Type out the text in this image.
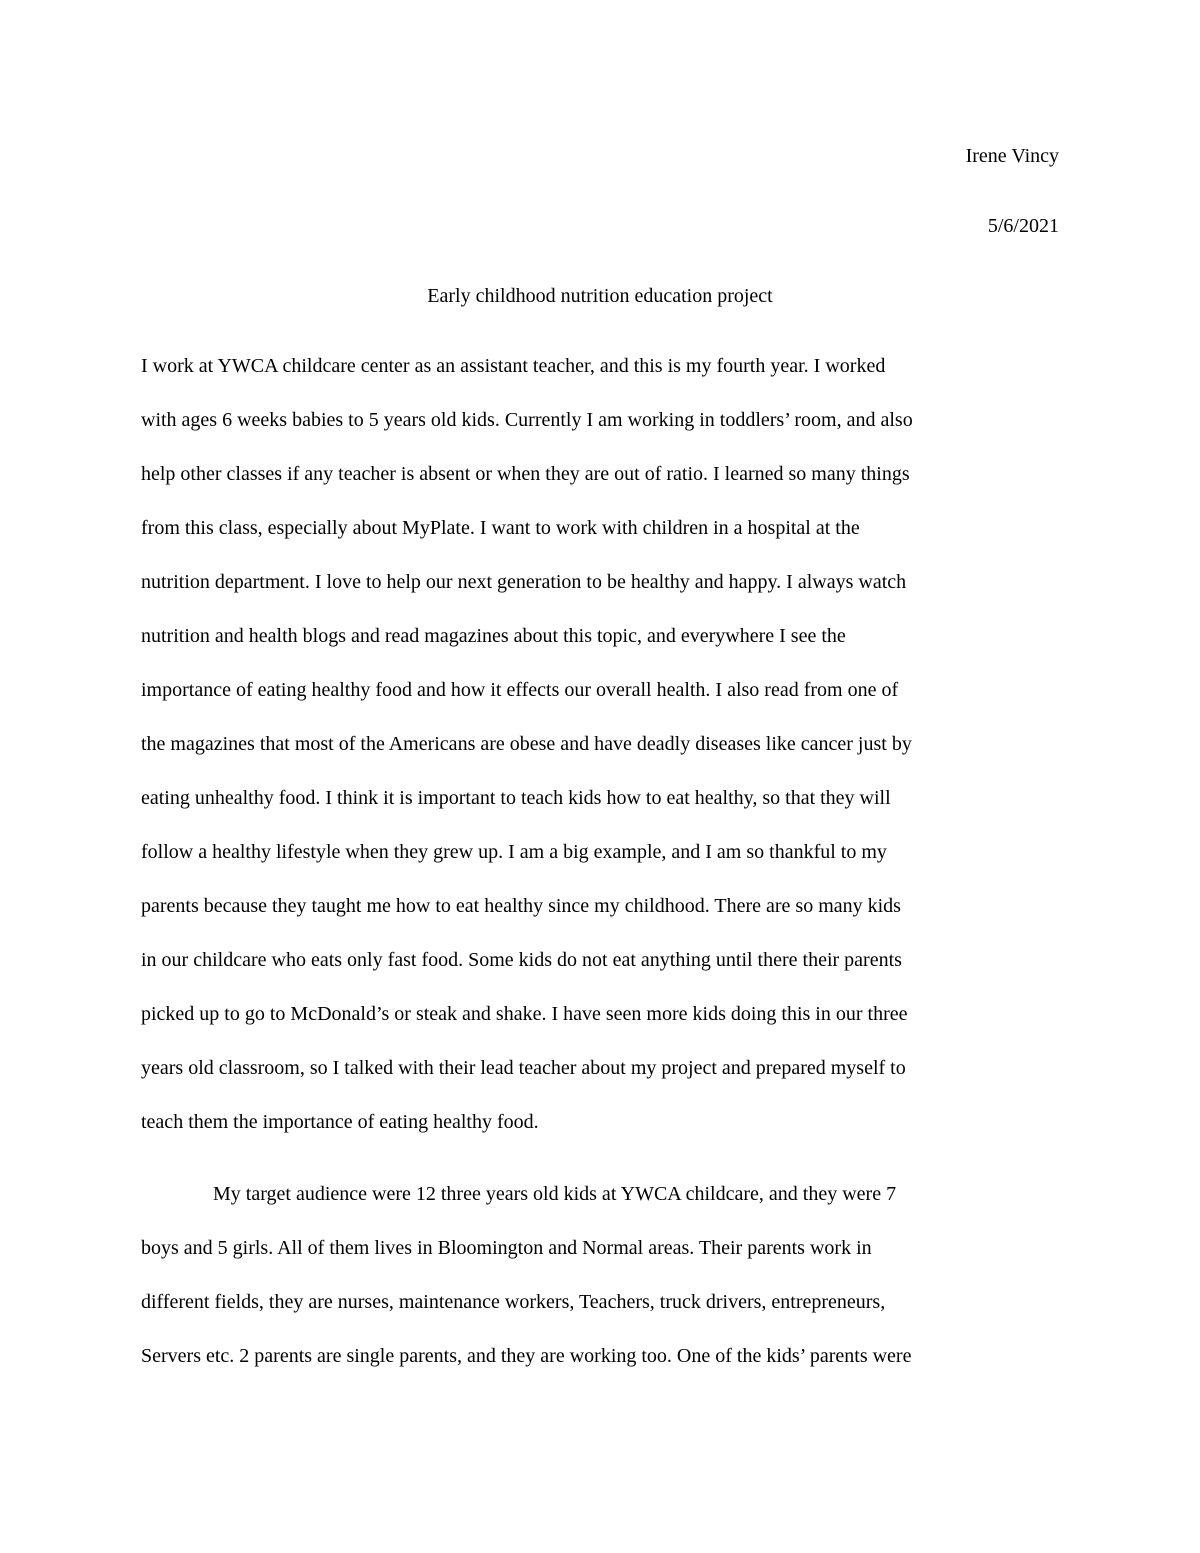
Irene Vincy
5/6/2021
Early childhood nutrition education project
I work at YWCA childcare center as an assistant teacher, and this is my fourth year. I worked
with ages 6 weeks babies to 5 years old kids. Currently I am working in toddlers’ room, and also
help other classes if any teacher is absent or when they are out of ratio. I learned so many things
from this class, especially about MyPlate. I want to work with children in a hospital at the
nutrition department. I love to help our next generation to be healthy and happy. I always watch
nutrition and health blogs and read magazines about this topic, and everywhere I see the
importance of eating healthy food and how it effects our overall health. I also read from one of
the magazines that most of the Americans are obese and have deadly diseases like cancer just by
eating unhealthy food. I think it is important to teach kids how to eat healthy, so that they will
follow a healthy lifestyle when they grew up. I am a big example, and I am so thankful to my
parents because they taught me how to eat healthy since my childhood. There are so many kids
in our childcare who eats only fast food. Some kids do not eat anything until there their parents
picked up to go to McDonald’s or steak and shake. I have seen more kids doing this in our three
years old classroom, so I talked with their lead teacher about my project and prepared myself to
teach them the importance of eating healthy food.
My target audience were 12 three years old kids at YWCA childcare, and they were 7
boys and 5 girls. All of them lives in Bloomington and Normal areas. Their parents work in
different fields, they are nurses, maintenance workers, Teachers, truck drivers, entrepreneurs,
Servers etc. 2 parents are single parents, and they are working too. One of the kids’ parents were
